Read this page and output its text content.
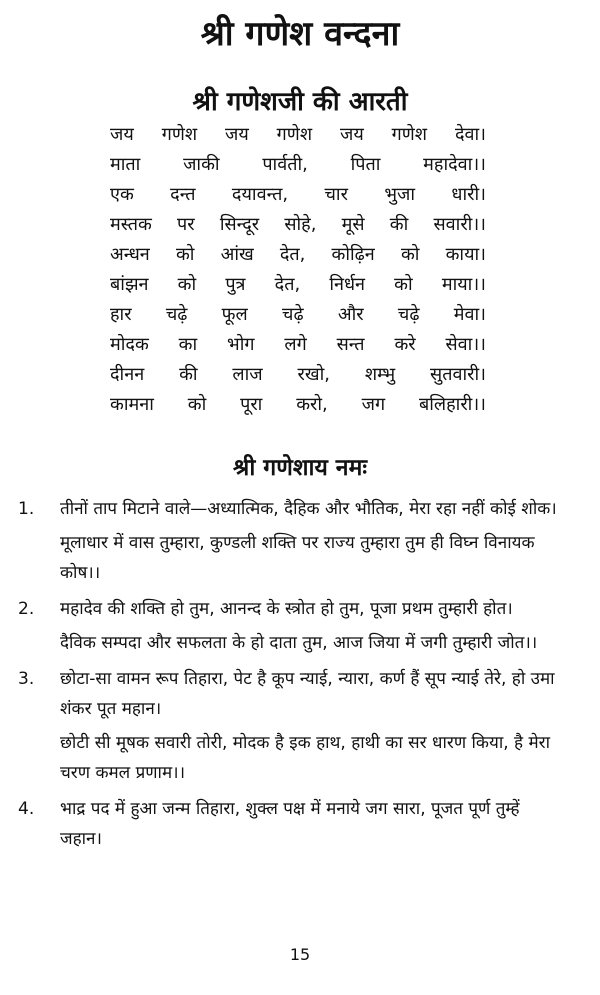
श्री गणेश वन्दना
श्री गणेशजी की आरती
जय गणेश जय गणेश जय गणेश देवा।
माता जाकी पार्वती, पिता महादेवा।।
एक दन्त दयावन्त, चार भुजा धारी।
मस्तक पर सिन्दूर सोहे, मूसे की सवारी।।
अन्धन को आंख देत, कोढ़िन को काया।
बांझन को पुत्र देत, निर्धन को माया।।
हार चढ़े फूल चढ़े और चढ़े मेवा।
मोदक का भोग लगे सन्त करे सेवा।।
दीनन की लाज रखो, शम्भु सुतवारी।
कामना को पूरा करो, जग बलिहारी।।
श्री गणेशाय नमः
1.	तीनों ताप मिटाने वाले—अध्यात्मिक, दैहिक और भौतिक, मेरा रहा नहीं कोई शोक।
मूलाधार में वास तुम्हारा, कुण्डली शक्ति पर राज्य तुम्हारा तुम ही विघ्न विनायक कोष।।
2.	महादेव की शक्ति हो तुम, आनन्द के स्त्रोत हो तुम, पूजा प्रथम तुम्हारी होत।
दैविक सम्पदा और सफलता के हो दाता तुम, आज जिया में जगी तुम्हारी जोत।।
3.	छोटा-सा वामन रूप तिहारा, पेट है कूप न्याई, न्यारा, कर्ण हैं सूप न्याई तेरे, हो उमा शंकर पूत महान।
छोटी सी मूषक सवारी तोरी, मोदक है इक हाथ, हाथी का सर धारण किया, है मेरा चरण कमल प्रणाम।।
4.	भाद्र पद में हुआ जन्म तिहारा, शुक्ल पक्ष में मनाये जग सारा, पूजत पूर्ण तुम्हें जहान।
15
